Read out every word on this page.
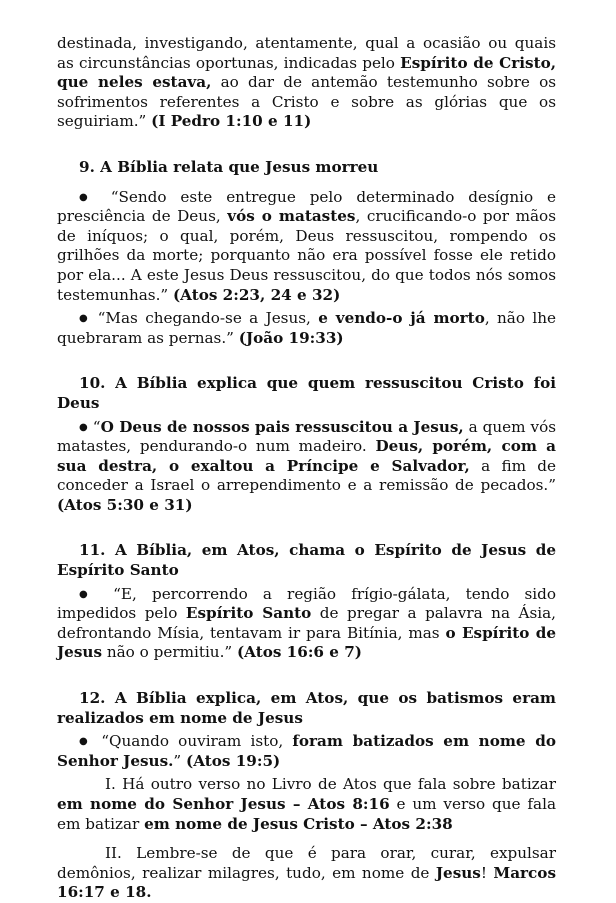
destinada, investigando, atentamente, qual a ocasião ou quais as circunstâncias oportunas, indicadas pelo Espírito de Cristo, que neles estava, ao dar de antemão testemunho sobre os sofrimentos referentes a Cristo e sobre as glórias que os seguiriam.” (I Pedro 1:10 e 11)

9. A Bíblia relata que Jesus morreu

● “Sendo este entregue pelo determinado desígnio e presciência de Deus, vós o matastes, crucificando-o por mãos de iníquos; o qual, porém, Deus ressuscitou, rompendo os grilhões da morte; porquanto não era possível fosse ele retido por ela... A este Jesus Deus ressuscitou, do que todos nós somos testemunhas.” (Atos 2:23, 24 e 32)

● “Mas chegando-se a Jesus, e vendo-o já morto, não lhe quebraram as pernas.” (João 19:33)

10. A Bíblia explica que quem ressuscitou Cristo foi Deus

● “O Deus de nossos pais ressuscitou a Jesus, a quem vós matastes, pendurando-o num madeiro. Deus, porém, com a sua destra, o exaltou a Príncipe e Salvador, a fim de conceder a Israel o arrependimento e a remissão de pecados.” (Atos 5:30 e 31)

11. A Bíblia, em Atos, chama o Espírito de Jesus de Espírito Santo

● “E, percorrendo a região frígio-gálata, tendo sido impedidos pelo Espírito Santo de pregar a palavra na Ásia, defrontando Mísia, tentavam ir para Bitínia, mas o Espírito de Jesus não o permitiu.” (Atos 16:6 e 7)

12. A Bíblia explica, em Atos, que os batismos eram realizados em nome de Jesus

● “Quando ouviram isto, foram batizados em nome do Senhor Jesus.” (Atos 19:5)

I. Há outro verso no Livro de Atos que fala sobre batizar em nome do Senhor Jesus – Atos 8:16 e um verso que fala em batizar em nome de Jesus Cristo – Atos 2:38

II. Lembre-se de que é para orar, curar, expulsar demônios, realizar milagres, tudo, em nome de Jesus! Marcos 16:17 e 18.
